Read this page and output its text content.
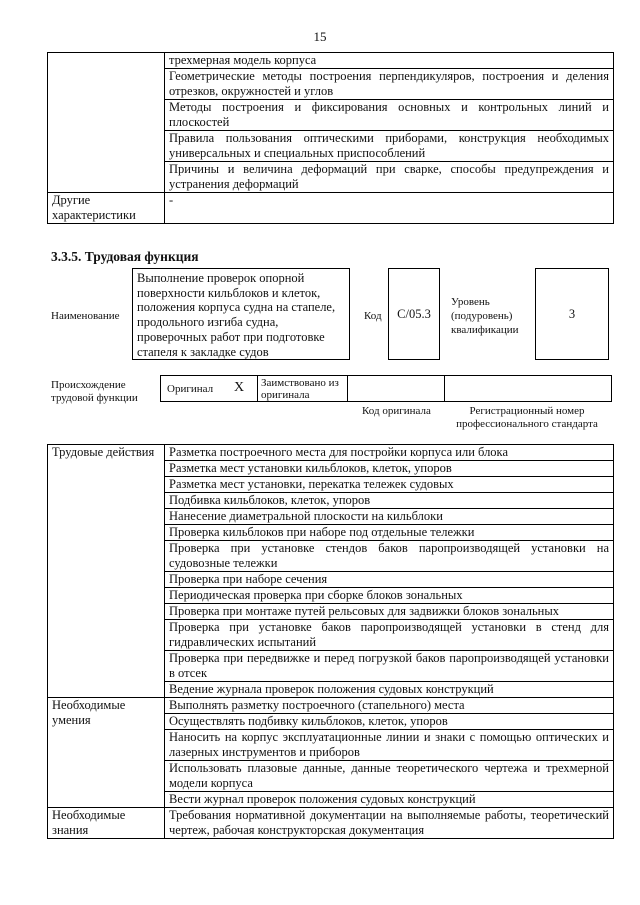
15
	трехмерная модель корпуса
	Геометрические методы построения перпендикуляров, построения и деления отрезков, окружностей и углов
	Методы построения и фиксирования основных и контрольных линий и плоскостей
	Правила пользования оптическими приборами, конструкция необходимых универсальных и специальных приспособлений
	Причины и величина деформаций при сварке, способы предупреждения и устранения деформаций
Другие характеристики	-
3.3.5. Трудовая функция
Наименование
Выполнение проверок опорной поверхности кильблоков и клеток, положения корпуса судна на стапеле, продольного изгиба судна, проверочных работ при подготовке стапеля к закладке судов
Код	С/05.3
Уровень (подуровень) квалификации
3
Происхождение трудовой функции
Оригинал X Заимствовано из оригинала
Код оригинала	Регистрационный номер профессионального стандарта
Трудовые действия	Разметка построечного места для постройки корпуса или блока
	Разметка мест установки кильблоков, клеток, упоров
	Разметка мест установки, перекатка тележек судовых
	Подбивка кильблоков, клеток, упоров
	Нанесение диаметральной плоскости на кильблоки
	Проверка кильблоков при наборе под отдельные тележки
	Проверка при установке стендов баков паропроизводящей установки на судовозные тележки
	Проверка при наборе сечения
	Периодическая проверка при сборке блоков зональных
	Проверка при монтаже путей рельсовых для задвижки блоков зональных
	Проверка при установке баков паропроизводящей установки в стенд для гидравлических испытаний
	Проверка при передвижке и перед погрузкой баков паропроизводящей установки в отсек
	Ведение журнала проверок положения судовых конструкций
Необходимые умения	Выполнять разметку построечного (стапельного) места
	Осуществлять подбивку кильблоков, клеток, упоров
	Наносить на корпус эксплуатационные линии и знаки с помощью оптических и лазерных инструментов и приборов
	Использовать плазовые данные, данные теоретического чертежа и трехмерной модели корпуса
	Вести журнал проверок положения судовых конструкций
Необходимые знания	Требования нормативной документации на выполняемые работы, теоретический чертеж, рабочая конструкторская документация
